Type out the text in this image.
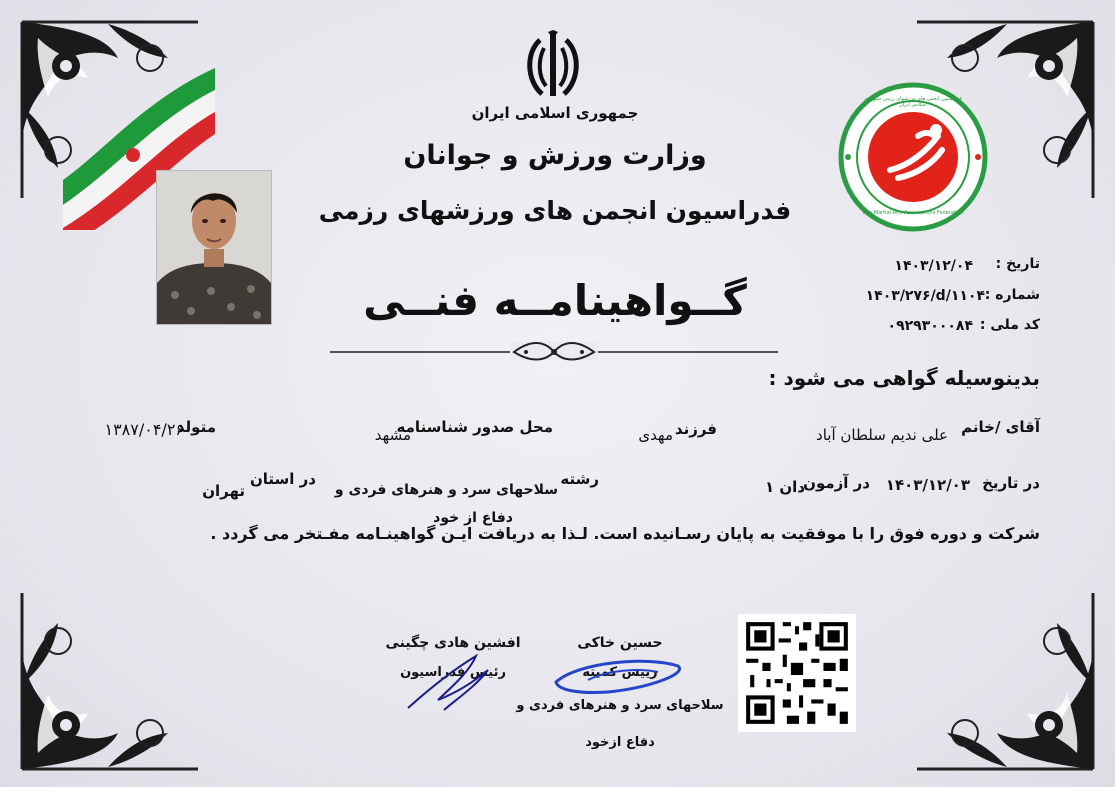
جمهوری اسلامی ایران
وزارت ورزش و جوانان
فدراسیون انجمن های ورزشهای رزمی
گــواهینامــه فنــی
فدراسیون انجمن های ورزشهای رزمی جمهوری اسلامی ایران
Iran Martial Arts Associations Federation
تاریخ :
۱۴۰۳/۱۲/۰۴
شماره :
۱۴۰۳/۲۷۶/d/۱۱۰۴
کد ملی :
۰۹۲۹۳۰۰۰۸۴
بدینوسیله گواهی می شود :
آقای /خانم
علی ندیم سلطان آباد
فرزند
مهدی
محل صدور شناسنامه
مشهد
متولد
۱۳۸۷/۰۴/۲۶
در تاریخ
۱۴۰۳/۱۲/۰۳
در آزمون
دان ۱
رشته
سلاحهای سرد و هنرهای فردی و
دفاع از خود
در استان
تهران
شرکت و دوره فوق را با موفقیت به پایان رسـانیده است. لـذا به دریافت ایـن گواهینـامه مفـتخر می گردد .
افشین هادی چگینی
رئیس فدراسیون
حسین خاکی
رییس کمیته
سلاحهای سرد و هنرهای فردی و
دفاع ازخود
